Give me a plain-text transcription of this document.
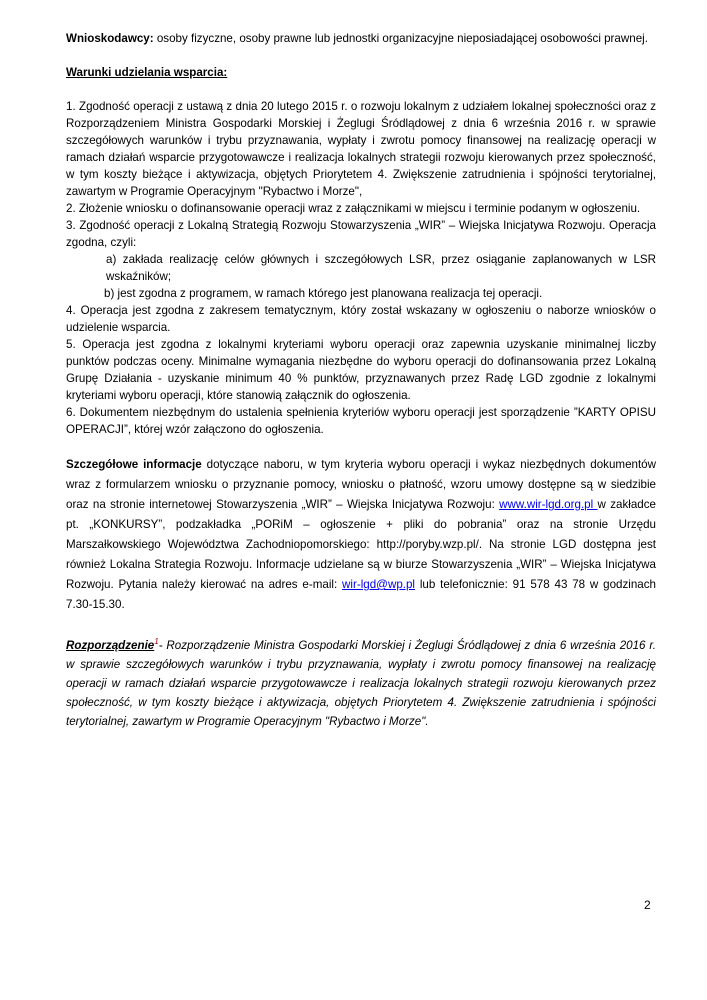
Wnioskodawcy: osoby fizyczne, osoby prawne lub jednostki organizacyjne nieposiadającej osobowości prawnej.

Warunki udzielania wsparcia:

1. Zgodność operacji z ustawą z dnia 20 lutego 2015 r. o rozwoju lokalnym z udziałem lokalnej społeczności oraz z Rozporządzeniem Ministra Gospodarki Morskiej i Żeglugi Śródlądowej z dnia 6 września 2016 r. w sprawie szczegółowych warunków i trybu przyznawania, wypłaty i zwrotu pomocy finansowej na realizację operacji w ramach działań wsparcie przygotowawcze i realizacja lokalnych strategii rozwoju kierowanych przez społeczność, w tym koszty bieżące i aktywizacja, objętych Priorytetem 4. Zwiększenie zatrudnienia i spójności terytorialnej, zawartym w Programie Operacyjnym "Rybactwo i Morze",

2. Złożenie wniosku o dofinansowanie operacji wraz z załącznikami w miejscu i terminie podanym w ogłoszeniu.

3. Zgodność operacji z Lokalną Strategią Rozwoju Stowarzyszenia „WIR” – Wiejska Inicjatywa Rozwoju. Operacja zgodna, czyli:

a) zakłada realizację celów głównych i szczegółowych LSR, przez osiąganie zaplanowanych w LSR wskaźników;

b) jest zgodna z programem, w ramach którego jest planowana realizacja tej operacji.

4. Operacja jest zgodna z zakresem tematycznym, który został wskazany w ogłoszeniu o naborze wniosków o udzielenie wsparcia.

5. Operacja jest zgodna z lokalnymi kryteriami wyboru operacji oraz zapewnia uzyskanie minimalnej liczby punktów podczas oceny. Minimalne wymagania niezbędne do wyboru operacji do dofinansowania przez Lokalną Grupę Działania - uzyskanie minimum 40 % punktów, przyznawanych przez Radę LGD zgodnie z lokalnymi kryteriami wyboru operacji, które stanowią załącznik do ogłoszenia.

6. Dokumentem niezbędnym do ustalenia spełnienia kryteriów wyboru operacji jest sporządzenie ”KARTY OPISU OPERACJI”, której wzór załączono do ogłoszenia.

Szczegółowe informacje dotyczące naboru, w tym kryteria wyboru operacji i wykaz niezbędnych dokumentów wraz z formularzem wniosku o przyznanie pomocy, wniosku o płatność, wzoru umowy dostępne są w siedzibie oraz na stronie internetowej Stowarzyszenia „WIR” – Wiejska Inicjatywa Rozwoju: www.wir-lgd.org.pl w zakładce pt. „KONKURSY”, podzakładka „PORiM – ogłoszenie + pliki do pobrania” oraz na stronie Urzędu Marszałkowskiego Województwa Zachodniopomorskiego: http://poryby.wzp.pl/. Na stronie LGD dostępna jest również Lokalna Strategia Rozwoju. Informacje udzielane są w biurze Stowarzyszenia „WIR” – Wiejska Inicjatywa Rozwoju. Pytania należy kierować na adres e-mail: wir-lgd@wp.pl lub telefonicznie: 91 578 43 78 w godzinach 7.30-15.30.

Rozporządzenie$^1$- Rozporządzenie Ministra Gospodarki Morskiej i Żeglugi Śródlądowej z dnia 6 września 2016 r. w sprawie szczegółowych warunków i trybu przyznawania, wypłaty i zwrotu pomocy finansowej na realizację operacji w ramach działań wsparcie przygotowawcze i realizacja lokalnych strategii rozwoju kierowanych przez społeczność, w tym koszty bieżące i aktywizacja, objętych Priorytetem 4. Zwiększenie zatrudnienia i spójności terytorialnej, zawartym w Programie Operacyjnym "Rybactwo i Morze".

2
